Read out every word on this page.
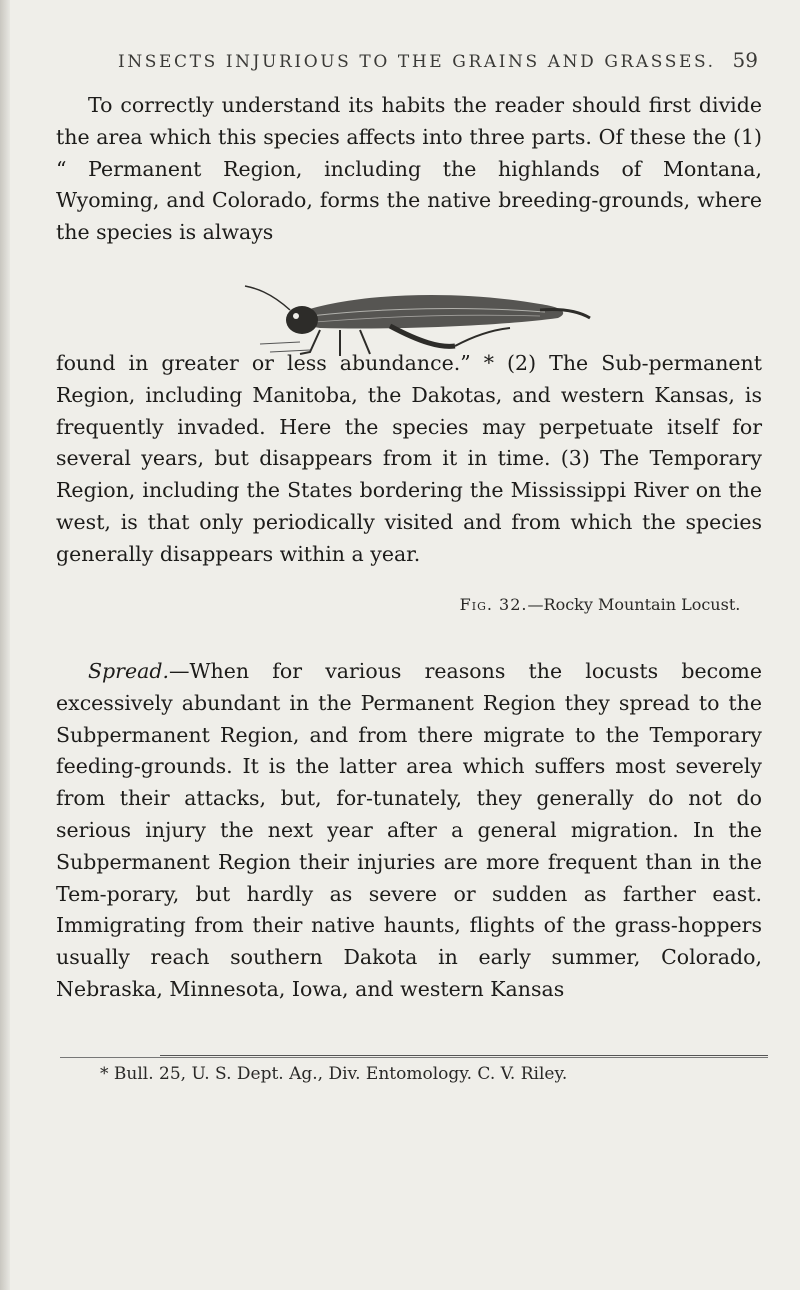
INSECTS INJURIOUS TO THE GRAINS AND GRASSES. 59

To correctly understand its habits the reader should first divide the area which this species affects into three parts. Of these the (1) “ Permanent Region, including the highlands of Montana, Wyoming, and Colorado, forms the native breeding-grounds, where the species is always

Fig. 32.—Rocky Mountain Locust.

found in greater or less abundance.” * (2) The Sub-permanent Region, including Manitoba, the Dakotas, and western Kansas, is frequently invaded. Here the species may perpetuate itself for several years, but disappears from it in time. (3) The Temporary Region, including the States bordering the Mississippi River on the west, is that only periodically visited and from which the species generally disappears within a year.

Spread.—When for various reasons the locusts become excessively abundant in the Permanent Region they spread to the Subpermanent Region, and from there migrate to the Temporary feeding-grounds. It is the latter area which suffers most severely from their attacks, but, for-tunately, they generally do not do serious injury the next year after a general migration. In the Subpermanent Region their injuries are more frequent than in the Tem-porary, but hardly as severe or sudden as farther east. Immigrating from their native haunts, flights of the grass-hoppers usually reach southern Dakota in early summer, Colorado, Nebraska, Minnesota, Iowa, and western Kansas

* Bull. 25, U. S. Dept. Ag., Div. Entomology. C. V. Riley.
